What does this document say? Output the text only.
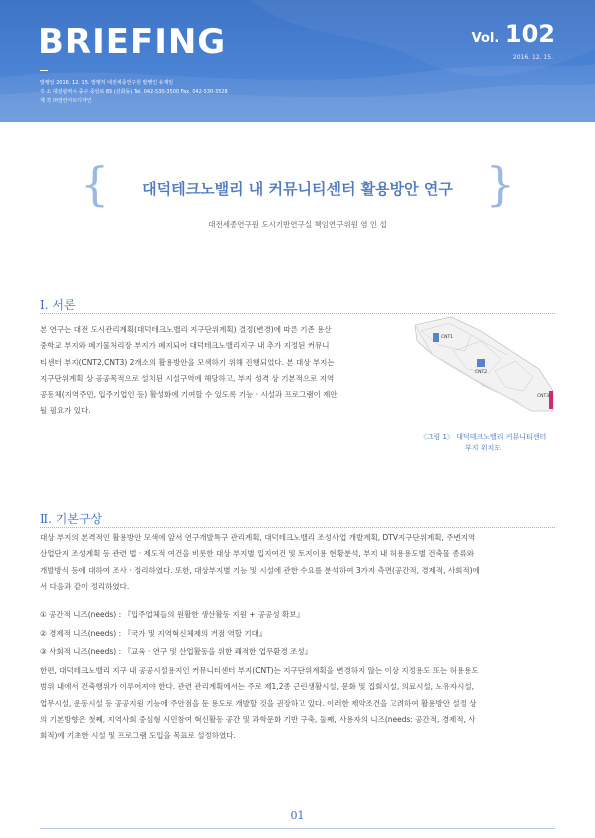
BRIEFING	Vol. 102
2016. 12. 15.
발행일 2016. 12. 15. 발행처 대전세종연구원 발행인 유재일
주 소 대전광역시 중구 중앙로 85 (선화동) Tel. 042-530-3500 Fax. 042-530-3528
제 작 ㈜열린아트디자인
{	대덕테크노밸리 내 커뮤니티센터 활용방안 연구 }
대전세종연구원 도시기반연구실 책임연구위원 염 인 섭
Ⅰ. 서론
본 연구는 대전 도시관리계획(대덕테크노밸리 지구단위계획) 결정(변경)에 따른 기존 용산
중학교 부지와 폐기물처리장 부지가 폐지되어 대덕테크노밸리지구 내 추가 지정된 커뮤니
티센터 부지(CNT2,CNT3) 2개소의 활용방안을 모색하기 위해 진행되었다. 본 대상 부지는
지구단위계획 상 공공목적으로 설치된 시설구역에 해당하고, 부지 성격 상 기본적으로 지역
공동체(지역주민, 입주기업인 등) 활성화에 기여할 수 있도록 기능 · 시설과 프로그램이 제안
될 필요가 있다.
CNT1
CNT2
CNT3
〈그림 1〉 대덕테크노밸리 커뮤니티센터
부지 위치도
Ⅱ. 기본구상
대상 부지의 본격적인 활용방안 모색에 앞서 연구개발특구 관리계획, 대덕테크노밸리 조성사업 개발계획, DTV지구단위계획, 주변지역
산업단지 조성계획 등 관련 법 · 제도적 여건을 비롯한 대상 부지별 입지여건 및 토지이용 현황분석, 부지 내 허용용도별 건축물 종류와
개발방식 등에 대하여 조사 · 정리하였다. 또한, 대상부지별 기능 및 시설에 관한 수요를 분석하여 3가지 측면(공간적, 경제적, 사회적)에
서 다음과 같이 정리하였다.
① 공간적 니즈(needs) : 『입주업체들의 원활한 생산활동 지원 + 공공성 확보』
② 경제적 니즈(needs) : 『국가 및 지역혁신체제의 거점 역할 기대』
③ 사회적 니즈(needs) : 『교육 · 연구 및 산업활동을 위한 쾌적한 업무환경 조성』
한편, 대덕테크노밸리 지구 내 공공시설용지인 커뮤니티센터 부지(CNT)는 지구단위계획을 변경하지 않는 이상 지정용도 또는 허용용도
범위 내에서 건축행위가 이루어져야 한다. 관련 관리계획에서는 주로 제1,2종 근린생활시설, 문화 및 집회시설, 의료시설, 노유자시설,
업무시설, 운동시설 등 공공지원 기능에 주안점을 둔 용도로 개발할 것을 권장하고 있다. 이러한 제약조건을 고려하여 활용방안 설정 상
의 기본방향은 첫째, 지역사회 중심형 시민참여 혁신활동 공간 및 과학문화 기반 구축, 둘째, 사용자의 니즈(needs: 공간적, 경제적, 사
회적)에 기초한 시설 및 프로그램 도입을 목표로 설정하였다.
01
